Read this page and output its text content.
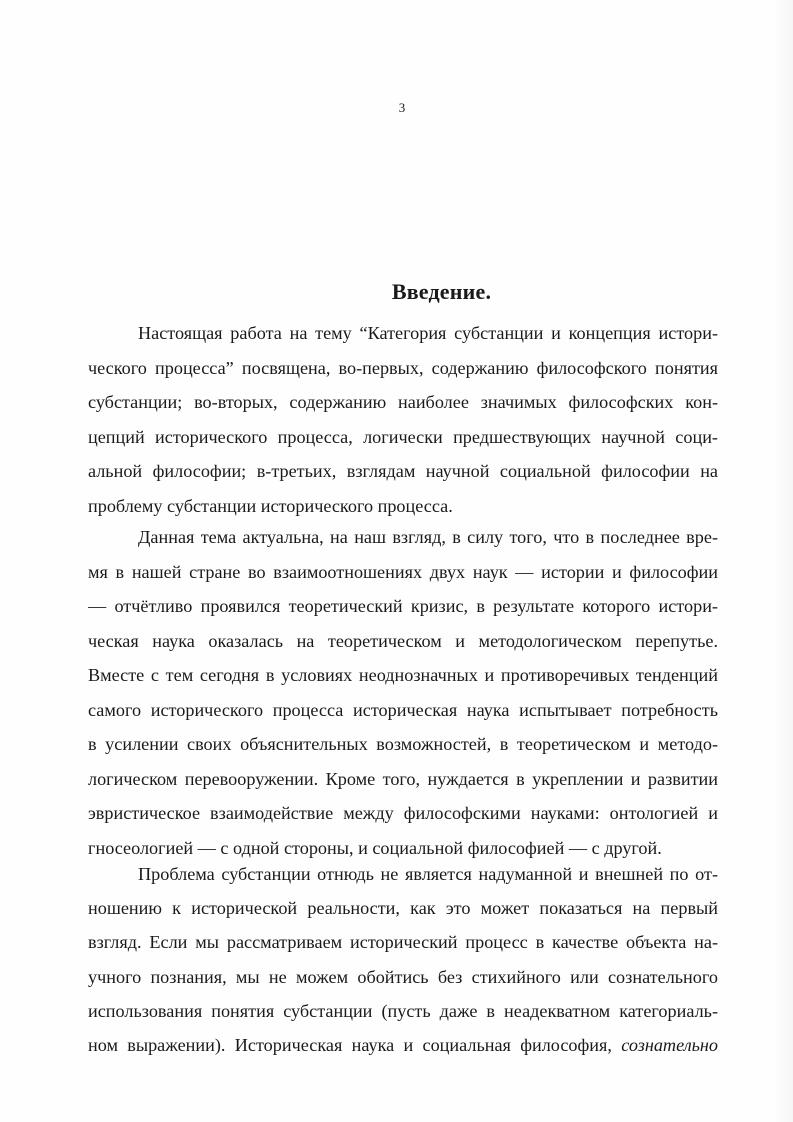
3
Введение.
Настоящая работа на тему “Категория субстанции и концепция истори-
ческого процесса” посвящена, во-первых, содержанию философского понятия
субстанции; во-вторых, содержанию наиболее значимых философских кон-
цепций исторического процесса, логически предшествующих научной соци-
альной философии; в-третьих, взглядам научной социальной философии на
проблему субстанции исторического процесса.
Данная тема актуальна, на наш взгляд, в силу того, что в последнее вре-
мя в нашей стране во взаимоотношениях двух наук — истории и философии
— отчётливо проявился теоретический кризис, в результате которого истори-
ческая наука оказалась на теоретическом и методологическом перепутье.
Вместе с тем сегодня в условиях неоднозначных и противоречивых тенденций
самого исторического процесса историческая наука испытывает потребность
в усилении своих объяснительных возможностей, в теоретическом и методо-
логическом перевооружении. Кроме того, нуждается в укреплении и развитии
эвристическое взаимодействие между философскими науками: онтологией и
гносеологией — с одной стороны, и социальной философией — с другой.
Проблема субстанции отнюдь не является надуманной и внешней по от-
ношению к исторической реальности, как это может показаться на первый
взгляд. Если мы рассматриваем исторический процесс в качестве объекта на-
учного познания, мы не можем обойтись без стихийного или сознательного
использования понятия субстанции (пусть даже в неадекватном категориаль-
ном выражении). Историческая наука и социальная философия, сознательно
